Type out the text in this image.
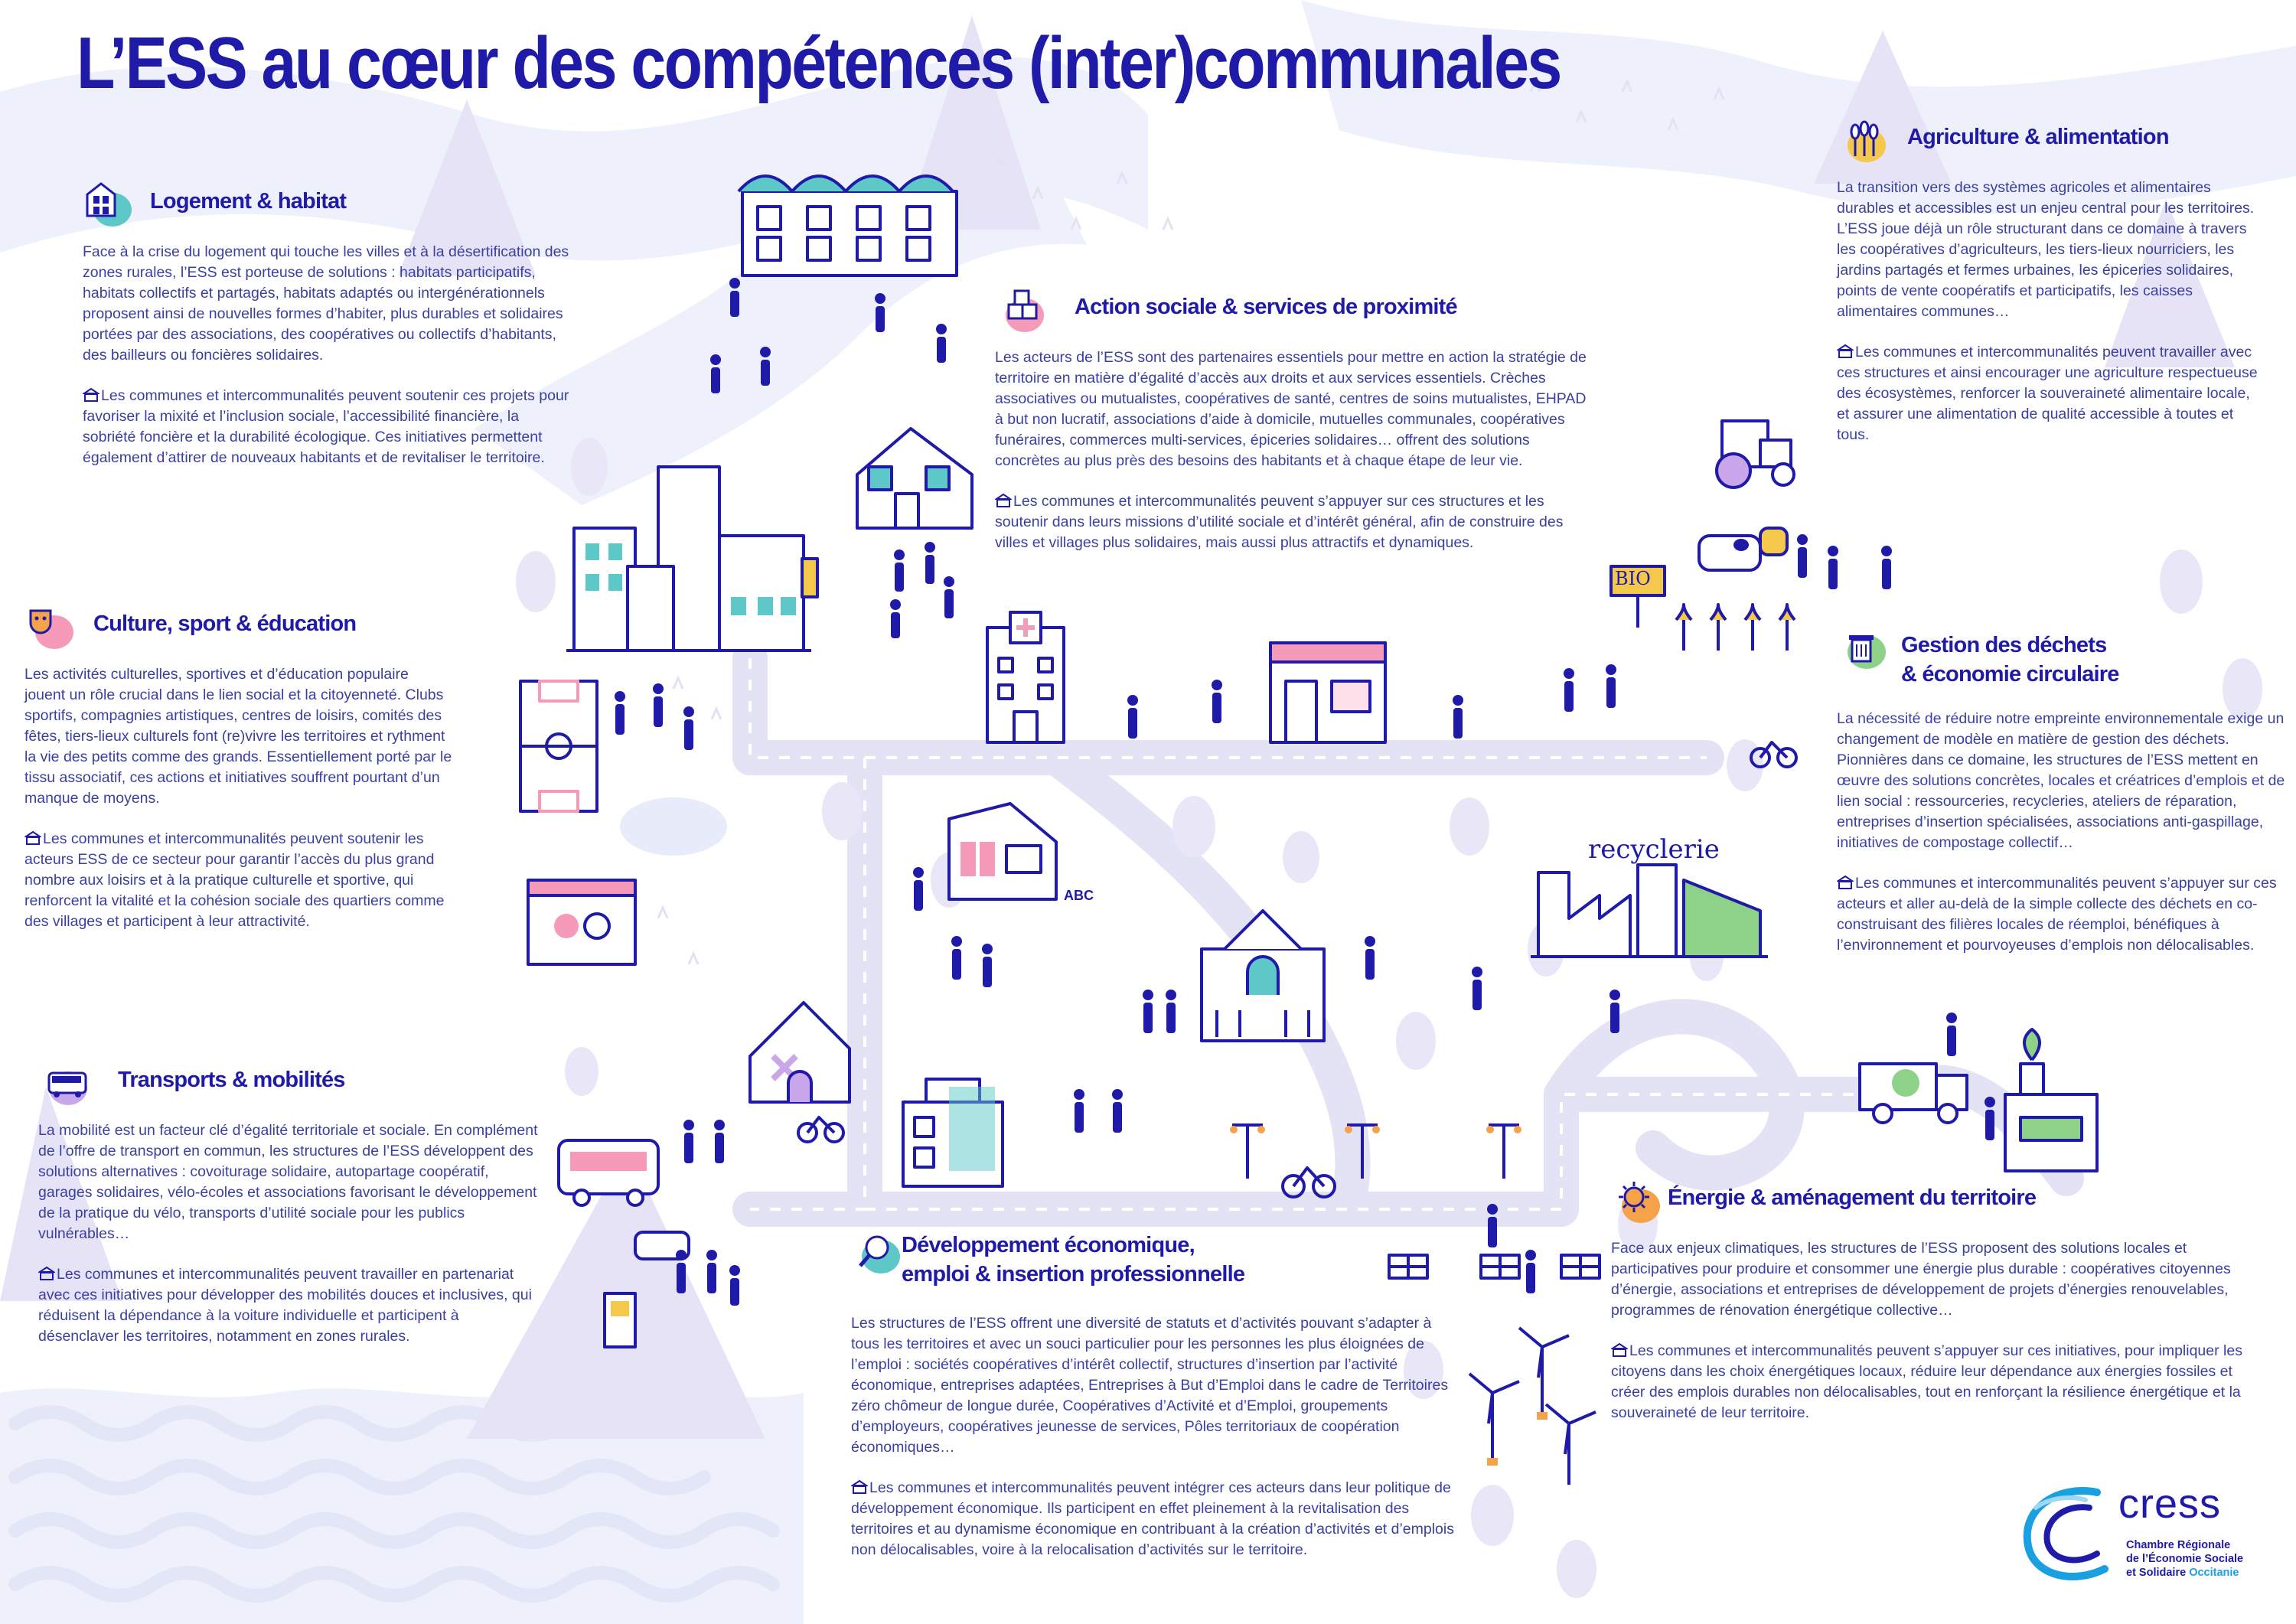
recyclerie
BIO
ABC
L’ESS au cœur des compétences (inter)communales
Logement & habitat

Face à la crise du logement qui touche les villes et à la désertification des zones rurales, l’ESS est porteuse de solutions : habitats participatifs, habitats collectifs et partagés, habitats adaptés ou intergénérationnels proposent ainsi de nouvelles formes d’habiter, plus durables et solidaires portées par des associations, des coopératives ou collectifs d’habitants, des bailleurs ou foncières solidaires.

Les communes et intercommunalités peuvent soutenir ces projets pour favoriser la mixité et l’inclusion sociale, l’accessibilité financière, la sobriété foncière et la durabilité écologique. Ces initiatives permettent également d’attirer de nouveaux habitants et de revitaliser le territoire.

Culture, sport & éducation

Les activités culturelles, sportives et d’éducation populaire jouent un rôle crucial dans le lien social et la citoyenneté. Clubs sportifs, compagnies artistiques, centres de loisirs, comités des fêtes, tiers-lieux culturels font (re)vivre les territoires et rythment la vie des petits comme des grands. Essentiellement porté par le tissu associatif, ces actions et initiatives souffrent pourtant d’un manque de moyens.

Les communes et intercommunalités peuvent soutenir les acteurs ESS de ce secteur pour garantir l’accès du plus grand nombre aux loisirs et à la pratique culturelle et sportive, qui renforcent la vitalité et la cohésion sociale des quartiers comme des villages et participent à leur attractivité.

Transports & mobilités

La mobilité est un facteur clé d’égalité territoriale et sociale. En complément de l’offre de transport en commun, les structures de l’ESS développent des solutions alternatives : covoiturage solidaire, autopartage coopératif, garages solidaires, vélo-écoles et associations favorisant le développement de la pratique du vélo, transports d’utilité sociale pour les publics vulnérables…

Les communes et intercommunalités peuvent travailler en partenariat avec ces initiatives pour développer des mobilités douces et inclusives, qui réduisent la dépendance à la voiture individuelle et participent à désenclaver les territoires, notamment en zones rurales.

Action sociale & services de proximité

Les acteurs de l’ESS sont des partenaires essentiels pour mettre en action la stratégie de territoire en matière d’égalité d’accès aux droits et aux services essentiels. Crèches associatives ou mutualistes, coopératives de santé, centres de soins mutualistes, EHPAD à but non lucratif, associations d’aide à domicile, mutuelles communales, coopératives funéraires, commerces multi-services, épiceries solidaires… offrent des solutions concrètes au plus près des besoins des habitants et à chaque étape de leur vie.

Les communes et intercommunalités peuvent s’appuyer sur ces structures et les soutenir dans leurs missions d’utilité sociale et d’intérêt général, afin de construire des villes et villages plus solidaires, mais aussi plus attractifs et dynamiques.

Développement économique,
emploi & insertion professionnelle

Les structures de l’ESS offrent une diversité de statuts et d’activités pouvant s’adapter à tous les territoires et avec un souci particulier pour les personnes les plus éloignées de l’emploi : sociétés coopératives d’intérêt collectif, structures d’insertion par l’activité économique, entreprises adaptées, Entreprises à But d’Emploi dans le cadre de Territoires zéro chômeur de longue durée, Coopératives d’Activité et d’Emploi, groupements d’employeurs, coopératives jeunesse de services, Pôles territoriaux de coopération économiques…

Les communes et intercommunalités peuvent intégrer ces acteurs dans leur politique de développement économique. Ils participent en effet pleinement à la revitalisation des territoires et au dynamisme économique en contribuant à la création d’activités et d’emplois non délocalisables, voire à la relocalisation d’activités sur le territoire.

Agriculture & alimentation

La transition vers des systèmes agricoles et alimentaires durables et accessibles est un enjeu central pour les territoires. L’ESS joue déjà un rôle structurant dans ce domaine à travers les coopératives d’agriculteurs, les tiers-lieux nourriciers, les jardins partagés et fermes urbaines, les épiceries solidaires, points de vente coopératifs et participatifs, les caisses alimentaires communes…

Les communes et intercommunalités peuvent travailler avec ces structures et ainsi encourager une agriculture respectueuse des écosystèmes, renforcer la souveraineté alimentaire locale, et assurer une alimentation de qualité accessible à toutes et tous.

Gestion des déchets
& économie circulaire

La nécessité de réduire notre empreinte environnementale exige un changement de modèle en matière de gestion des déchets. Pionnières dans ce domaine, les structures de l’ESS mettent en œuvre des solutions concrètes, locales et créatrices d’emplois et de lien social : ressourceries, recycleries, ateliers de réparation, entreprises d’insertion spécialisées, associations anti-gaspillage, initiatives de compostage collectif…

Les communes et intercommunalités peuvent s’appuyer sur ces acteurs et aller au-delà de la simple collecte des déchets en co-construisant des filières locales de réemploi, bénéfiques à l’environnement et pourvoyeuses d’emplois non délocalisables.

Énergie & aménagement du territoire

Face aux enjeux climatiques, les structures de l’ESS proposent des solutions locales et participatives pour produire et consommer une énergie plus durable : coopératives citoyennes d’énergie, associations et entreprises de développement de projets d’énergies renouvelables, programmes de rénovation énergétique collective…

Les communes et intercommunalités peuvent s’appuyer sur ces initiatives, pour impliquer les citoyens dans les choix énergétiques locaux, réduire leur dépendance aux énergies fossiles et créer des emplois durables non délocalisables, tout en renforçant la résilience énergétique et la souveraineté de leur territoire.

cress
Chambre Régionale
de l’Économie Sociale
et Solidaire Occitanie
